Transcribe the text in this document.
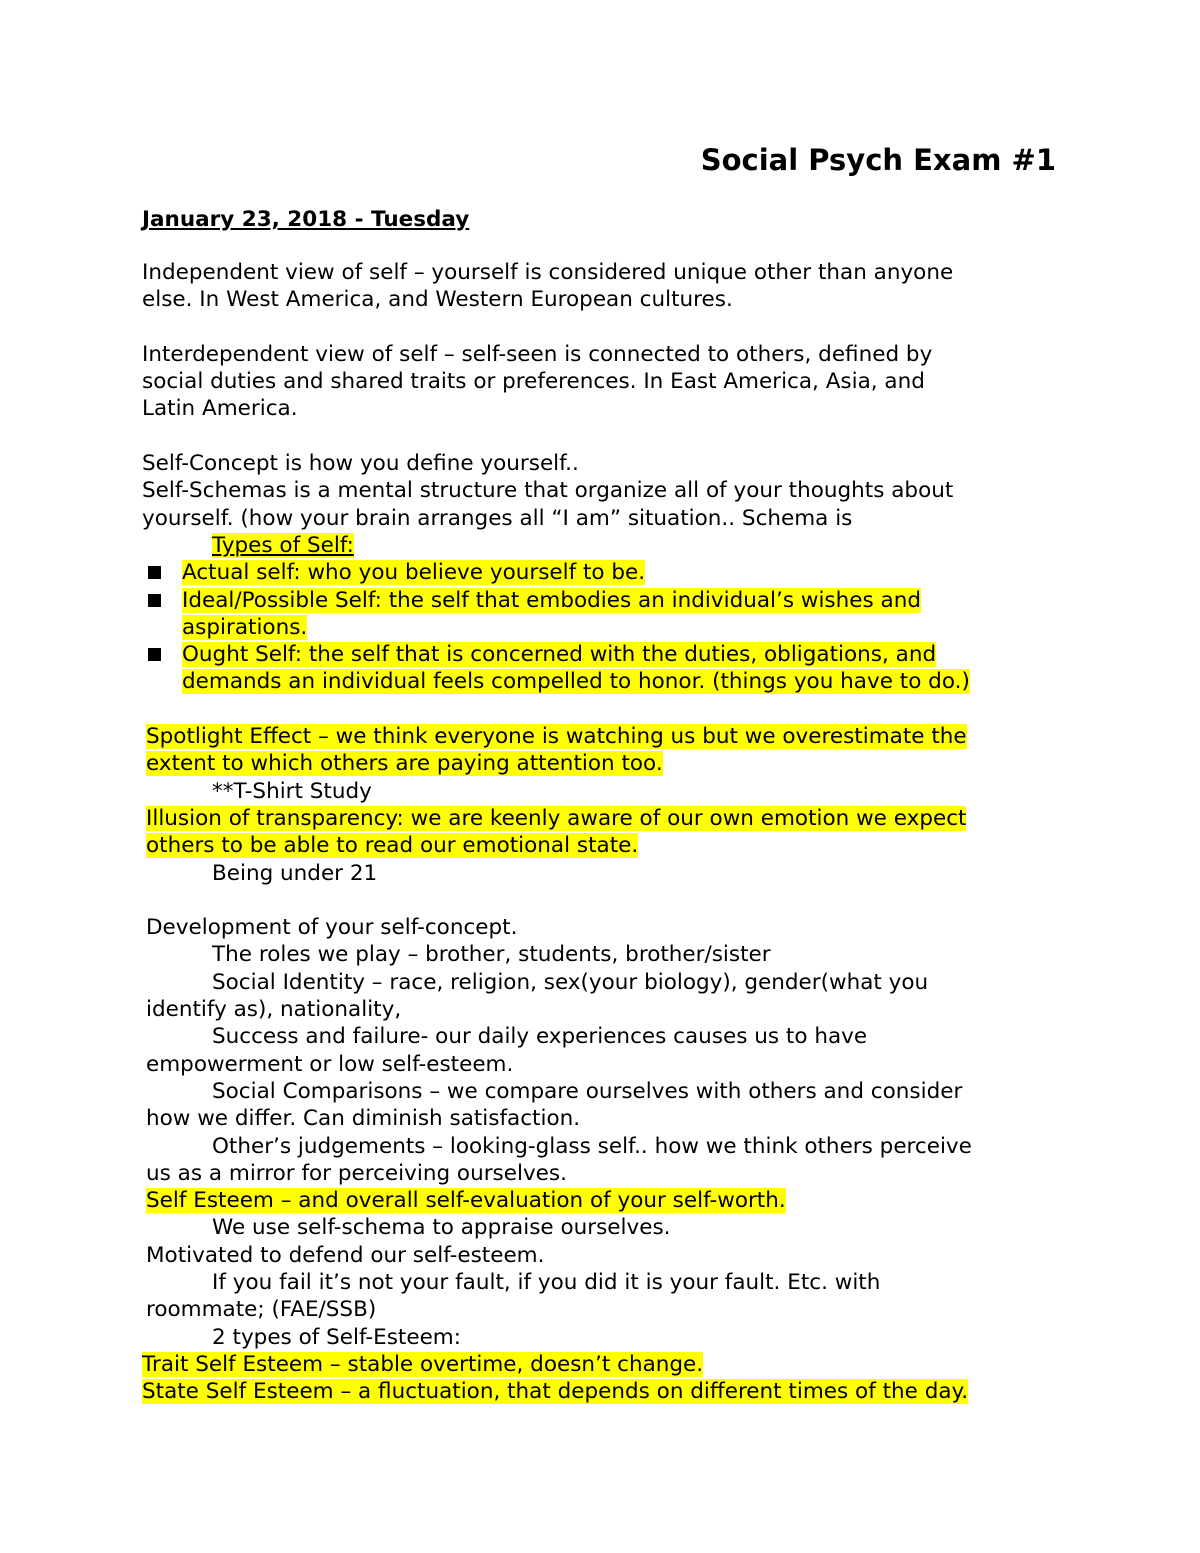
Social Psych Exam #1

January 23, 2018 - Tuesday

Independent view of self – yourself is considered unique other than anyone

else. In West America, and Western European cultures.

Interdependent view of self – self-seen is connected to others, defined by

social duties and shared traits or preferences. In East America, Asia, and

Latin America.

Self-Concept is how you define yourself..

Self-Schemas is a mental structure that organize all of your thoughts about

yourself. (how your brain arranges all “I am” situation.. Schema is

Types of Self:

Actual self: who you believe yourself to be.
Ideal/Possible Self: the self that embodies an individual’s wishes and
aspirations.
Ought Self: the self that is concerned with the duties, obligations, and
demands an individual feels compelled to honor. (things you have to do.)

Spotlight Effect – we think everyone is watching us but we overestimate the

extent to which others are paying attention too.

**T-Shirt Study

Illusion of transparency: we are keenly aware of our own emotion we expect

others to be able to read our emotional state.

Being under 21

Development of your self-concept.

The roles we play – brother, students, brother/sister

Social Identity – race, religion, sex(your biology), gender(what you

identify as), nationality,

Success and failure- our daily experiences causes us to have

empowerment or low self-esteem.

Social Comparisons – we compare ourselves with others and consider

how we differ. Can diminish satisfaction.

Other’s judgements – looking-glass self.. how we think others perceive

us as a mirror for perceiving ourselves.

Self Esteem – and overall self-evaluation of your self-worth.

We use self-schema to appraise ourselves.

Motivated to defend our self-esteem.

If you fail it’s not your fault, if you did it is your fault. Etc. with

roommate; (FAE/SSB)

2 types of Self-Esteem:

Trait Self Esteem – stable overtime, doesn’t change.

State Self Esteem – a fluctuation, that depends on different times of the day.
